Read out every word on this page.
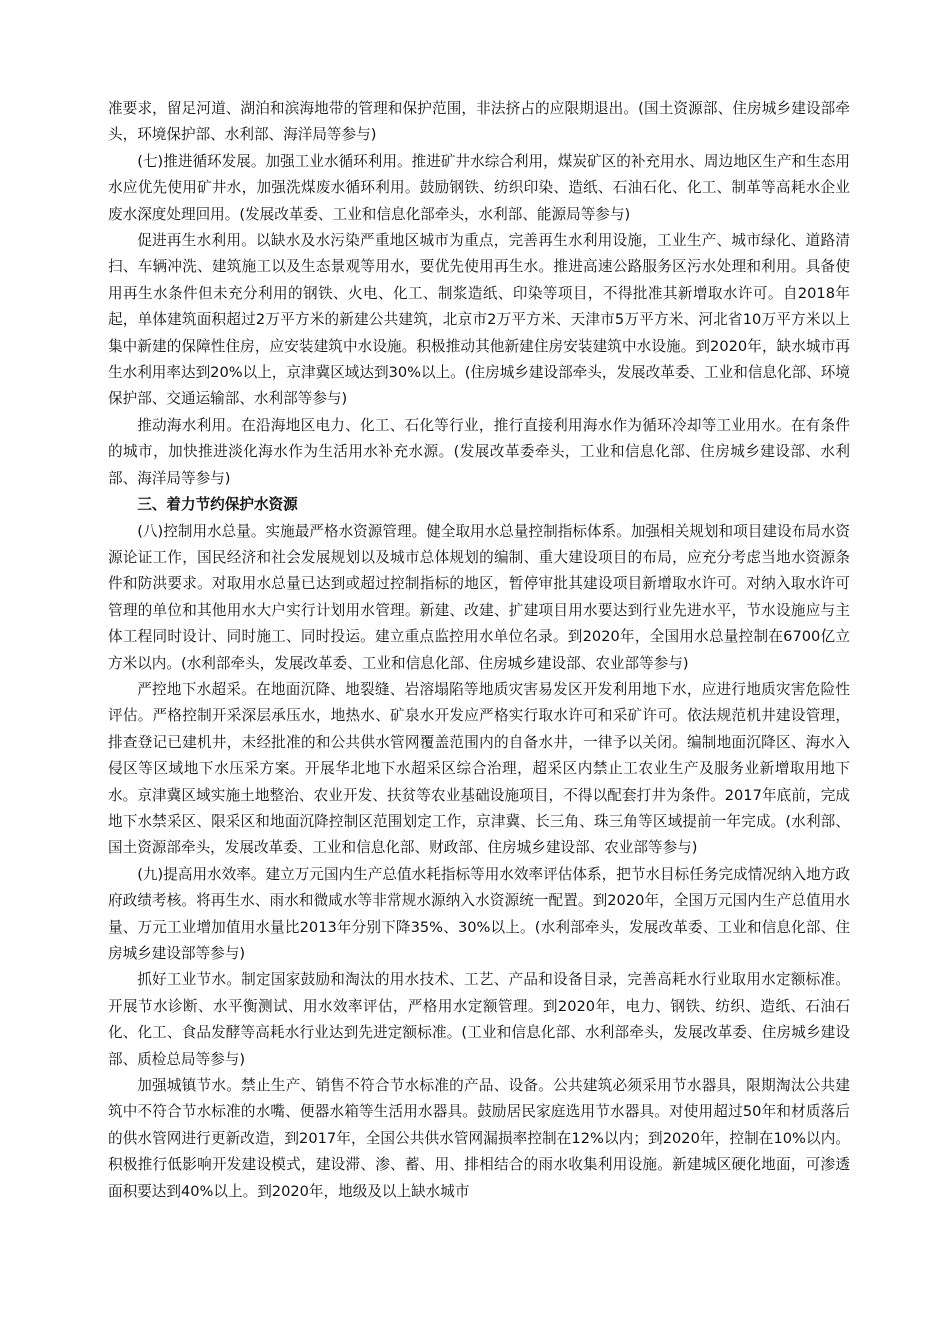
准要求，留足河道、湖泊和滨海地带的管理和保护范围，非法挤占的应限期退出。(国土资源部、住房城乡建设部牵头，环境保护部、水利部、海洋局等参与)

(七)推进循环发展。加强工业水循环利用。推进矿井水综合利用，煤炭矿区的补充用水、周边地区生产和生态用水应优先使用矿井水，加强洗煤废水循环利用。鼓励钢铁、纺织印染、造纸、石油石化、化工、制革等高耗水企业废水深度处理回用。(发展改革委、工业和信息化部牵头，水利部、能源局等参与)

促进再生水利用。以缺水及水污染严重地区城市为重点，完善再生水利用设施，工业生产、城市绿化、道路清扫、车辆冲洗、建筑施工以及生态景观等用水，要优先使用再生水。推进高速公路服务区污水处理和利用。具备使用再生水条件但未充分利用的钢铁、火电、化工、制浆造纸、印染等项目，不得批准其新增取水许可。自2018年起，单体建筑面积超过2万平方米的新建公共建筑，北京市2万平方米、天津市5万平方米、河北省10万平方米以上集中新建的保障性住房，应安装建筑中水设施。积极推动其他新建住房安装建筑中水设施。到2020年，缺水城市再生水利用率达到20%以上，京津冀区域达到30%以上。(住房城乡建设部牵头，发展改革委、工业和信息化部、环境保护部、交通运输部、水利部等参与)

推动海水利用。在沿海地区电力、化工、石化等行业，推行直接利用海水作为循环冷却等工业用水。在有条件的城市，加快推进淡化海水作为生活用水补充水源。(发展改革委牵头，工业和信息化部、住房城乡建设部、水利部、海洋局等参与)

三、着力节约保护水资源

(八)控制用水总量。实施最严格水资源管理。健全取用水总量控制指标体系。加强相关规划和项目建设布局水资源论证工作，国民经济和社会发展规划以及城市总体规划的编制、重大建设项目的布局，应充分考虑当地水资源条件和防洪要求。对取用水总量已达到或超过控制指标的地区，暂停审批其建设项目新增取水许可。对纳入取水许可管理的单位和其他用水大户实行计划用水管理。新建、改建、扩建项目用水要达到行业先进水平，节水设施应与主体工程同时设计、同时施工、同时投运。建立重点监控用水单位名录。到2020年，全国用水总量控制在6700亿立方米以内。(水利部牵头，发展改革委、工业和信息化部、住房城乡建设部、农业部等参与)

严控地下水超采。在地面沉降、地裂缝、岩溶塌陷等地质灾害易发区开发利用地下水，应进行地质灾害危险性评估。严格控制开采深层承压水，地热水、矿泉水开发应严格实行取水许可和采矿许可。依法规范机井建设管理，排查登记已建机井，未经批准的和公共供水管网覆盖范围内的自备水井，一律予以关闭。编制地面沉降区、海水入侵区等区域地下水压采方案。开展华北地下水超采区综合治理，超采区内禁止工农业生产及服务业新增取用地下水。京津冀区域实施土地整治、农业开发、扶贫等农业基础设施项目，不得以配套打井为条件。2017年底前，完成地下水禁采区、限采区和地面沉降控制区范围划定工作，京津冀、长三角、珠三角等区域提前一年完成。(水利部、国土资源部牵头，发展改革委、工业和信息化部、财政部、住房城乡建设部、农业部等参与)

(九)提高用水效率。建立万元国内生产总值水耗指标等用水效率评估体系，把节水目标任务完成情况纳入地方政府政绩考核。将再生水、雨水和微咸水等非常规水源纳入水资源统一配置。到2020年，全国万元国内生产总值用水量、万元工业增加值用水量比2013年分别下降35%、30%以上。(水利部牵头，发展改革委、工业和信息化部、住房城乡建设部等参与)

抓好工业节水。制定国家鼓励和淘汰的用水技术、工艺、产品和设备目录，完善高耗水行业取用水定额标准。开展节水诊断、水平衡测试、用水效率评估，严格用水定额管理。到2020年，电力、钢铁、纺织、造纸、石油石化、化工、食品发酵等高耗水行业达到先进定额标准。(工业和信息化部、水利部牵头，发展改革委、住房城乡建设部、质检总局等参与)

加强城镇节水。禁止生产、销售不符合节水标准的产品、设备。公共建筑必须采用节水器具，限期淘汰公共建筑中不符合节水标准的水嘴、便器水箱等生活用水器具。鼓励居民家庭选用节水器具。对使用超过50年和材质落后的供水管网进行更新改造，到2017年，全国公共供水管网漏损率控制在12%以内；到2020年，控制在10%以内。积极推行低影响开发建设模式，建设滞、渗、蓄、用、排相结合的雨水收集利用设施。新建城区硬化地面，可渗透面积要达到40%以上。到2020年，地级及以上缺水城市
